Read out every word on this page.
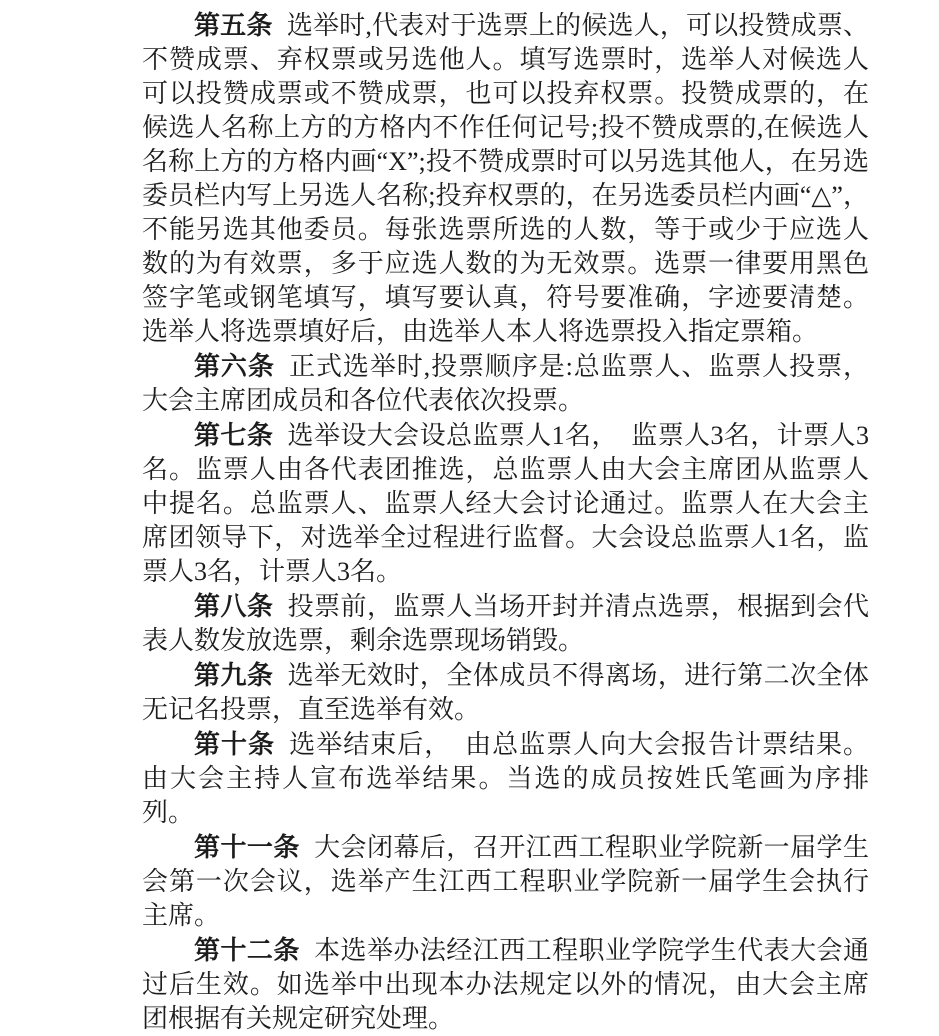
第五条 选举时,代表对于选票上的候选人，可以投赞成票、不赞成票、弃权票或另选他人。填写选票时，选举人对候选人可以投赞成票或不赞成票，也可以投弃权票。投赞成票的，在候选人名称上方的方格内不作任何记号;投不赞成票的,在候选人名称上方的方格内画“X”;投不赞成票时可以另选其他人，在另选委员栏内写上另选人名称;投弃权票的，在另选委员栏内画“△”，不能另选其他委员。每张选票所选的人数，等于或少于应选人数的为有效票，多于应选人数的为无效票。选票一律要用黑色签字笔或钢笔填写，填写要认真，符号要准确，字迹要清楚。选举人将选票填好后，由选举人本人将选票投入指定票箱。

第六条 正式选举时,投票顺序是:总监票人、监票人投票，大会主席团成员和各位代表依次投票。

第七条 选举设大会设总监票人1名，　监票人3名，计票人3名。监票人由各代表团推选，总监票人由大会主席团从监票人中提名。总监票人、监票人经大会讨论通过。监票人在大会主席团领导下，对选举全过程进行监督。大会设总监票人1名，监票人3名，计票人3名。

第八条 投票前，监票人当场开封并清点选票，根据到会代表人数发放选票，剩余选票现场销毁。

第九条 选举无效时，全体成员不得离场，进行第二次全体无记名投票，直至选举有效。

第十条 选举结束后，　由总监票人向大会报告计票结果。由大会主持人宣布选举结果。当选的成员按姓氏笔画为序排列。

第十一条 大会闭幕后，召开江西工程职业学院新一届学生会第一次会议，选举产生江西工程职业学院新一届学生会执行主席。

第十二条 本选举办法经江西工程职业学院学生代表大会通过后生效。如选举中出现本办法规定以外的情况，由大会主席团根据有关规定研究处理。
